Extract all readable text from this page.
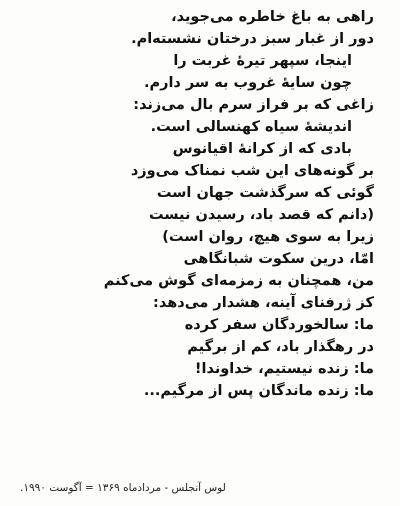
راهی به باغ خاطره می‌جوید،
دور از غبار سبز درختان نشسته‌ام.
اینجا، سپهر تیرهٔ غربت را
چون سایهٔ غروب به سر دارم.
زاغی که بر فراز سرم بال می‌زند:
اندیشهٔ سیاه کهنسالی است.
بادی که از کرانهٔ اقیانوس
بر گونه‌های این شب نمناک می‌وزد
گوئی که سرگذشت جهان است
(دانم که قصد باد، رسیدن نیست
زیرا به سوی هیچ، روان است)
امّا، درین سکوت شبانگاهی
من، همچنان به زمزمه‌ای گوش می‌کنم
کز ژرفنای آینه، هشدار می‌دهد:
ما: سالخوردگان سفر کرده
در رهگذار باد، کم از برگیم
ما: زنده نیستیم، خداوندا!
ما: زنده ماندگان پس از مرگیم...
لوس آنجلس - مردادماه ۱۳۶۹ = آگوست ۱۹۹۰.
